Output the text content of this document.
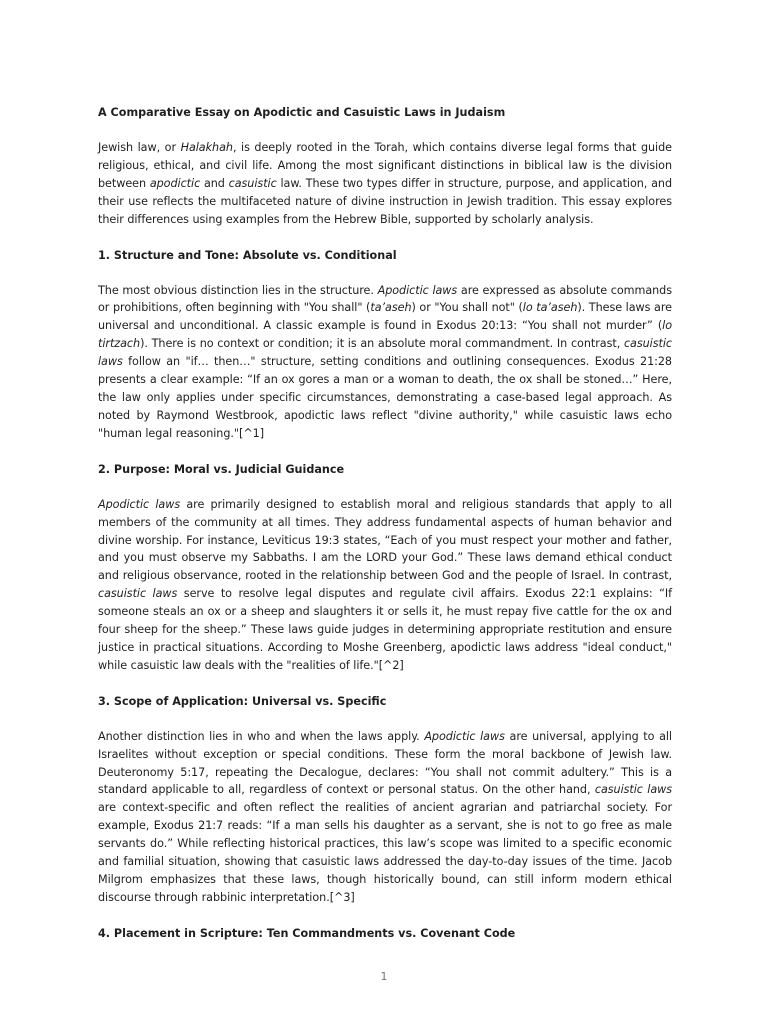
A Comparative Essay on Apodictic and Casuistic Laws in Judaism

Jewish law, or Halakhah, is deeply rooted in the Torah, which contains diverse legal forms that guide religious, ethical, and civil life. Among the most significant distinctions in biblical law is the division between apodictic and casuistic law. These two types differ in structure, purpose, and application, and their use reflects the multifaceted nature of divine instruction in Jewish tradition. This essay explores their differences using examples from the Hebrew Bible, supported by scholarly analysis.

1. Structure and Tone: Absolute vs. Conditional

The most obvious distinction lies in the structure. Apodictic laws are expressed as absolute commands or prohibitions, often beginning with "You shall" (ta’aseh) or "You shall not" (lo ta’aseh). These laws are universal and unconditional. A classic example is found in Exodus 20:13: “You shall not murder” (lo tirtzach). There is no context or condition; it is an absolute moral commandment. In contrast, casuistic laws follow an "if… then…" structure, setting conditions and outlining consequences. Exodus 21:28 presents a clear example: “If an ox gores a man or a woman to death, the ox shall be stoned…” Here, the law only applies under specific circumstances, demonstrating a case-based legal approach. As noted by Raymond Westbrook, apodictic laws reflect "divine authority," while casuistic laws echo "human legal reasoning."[^1]

2. Purpose: Moral vs. Judicial Guidance

Apodictic laws are primarily designed to establish moral and religious standards that apply to all members of the community at all times. They address fundamental aspects of human behavior and divine worship. For instance, Leviticus 19:3 states, “Each of you must respect your mother and father, and you must observe my Sabbaths. I am the LORD your God.” These laws demand ethical conduct and religious observance, rooted in the relationship between God and the people of Israel. In contrast, casuistic laws serve to resolve legal disputes and regulate civil affairs. Exodus 22:1 explains: “If someone steals an ox or a sheep and slaughters it or sells it, he must repay five cattle for the ox and four sheep for the sheep.” These laws guide judges in determining appropriate restitution and ensure justice in practical situations. According to Moshe Greenberg, apodictic laws address "ideal conduct," while casuistic law deals with the "realities of life."[^2]

3. Scope of Application: Universal vs. Specific

Another distinction lies in who and when the laws apply. Apodictic laws are universal, applying to all Israelites without exception or special conditions. These form the moral backbone of Jewish law. Deuteronomy 5:17, repeating the Decalogue, declares: “You shall not commit adultery.” This is a standard applicable to all, regardless of context or personal status. On the other hand, casuistic laws are context-specific and often reflect the realities of ancient agrarian and patriarchal society. For example, Exodus 21:7 reads: “If a man sells his daughter as a servant, she is not to go free as male servants do.” While reflecting historical practices, this law’s scope was limited to a specific economic and familial situation, showing that casuistic laws addressed the day-to-day issues of the time. Jacob Milgrom emphasizes that these laws, though historically bound, can still inform modern ethical discourse through rabbinic interpretation.[^3]

4. Placement in Scripture: Ten Commandments vs. Covenant Code
1
